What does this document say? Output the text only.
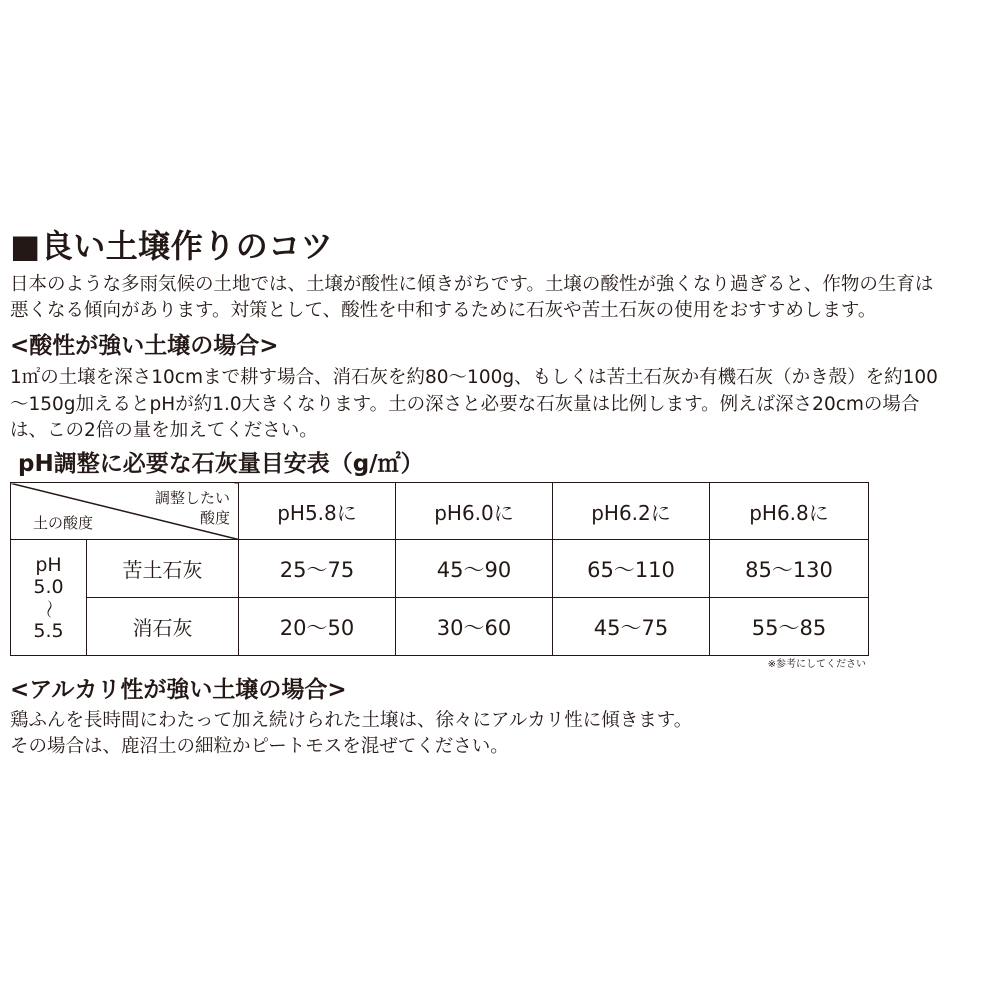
■良い土壌作りのコツ
日本のような多雨気候の土地では、土壌が酸性に傾きがちです。土壌の酸性が強くなり過ぎると、作物の生育は
悪くなる傾向があります。対策として、酸性を中和するために石灰や苦土石灰の使用をおすすめします。
<酸性が強い土壌の場合>
1㎡の土壌を深さ10cmまで耕す場合、消石灰を約80〜100g、もしくは苦土石灰か有機石灰（かき殻）を約100
〜150g加えるとpHが約1.0大きくなります。土の深さと必要な石灰量は比例します。例えば深さ20cmの場合
は、この2倍の量を加えてください。
pH調整に必要な石灰量目安表（g/㎡）
調整したい
酸度
土の酸度		pH5.8に	pH6.0に	pH6.2に	pH6.8に

pH
5.0
〜
5.5	苦土石灰	25〜75	45〜90	65〜110	85〜130
	消石灰	20〜50	30〜60	45〜75	55〜85
※参考にしてください
<アルカリ性が強い土壌の場合>
鶏ふんを長時間にわたって加え続けられた土壌は、徐々にアルカリ性に傾きます。
その場合は、鹿沼土の細粒かピートモスを混ぜてください。
